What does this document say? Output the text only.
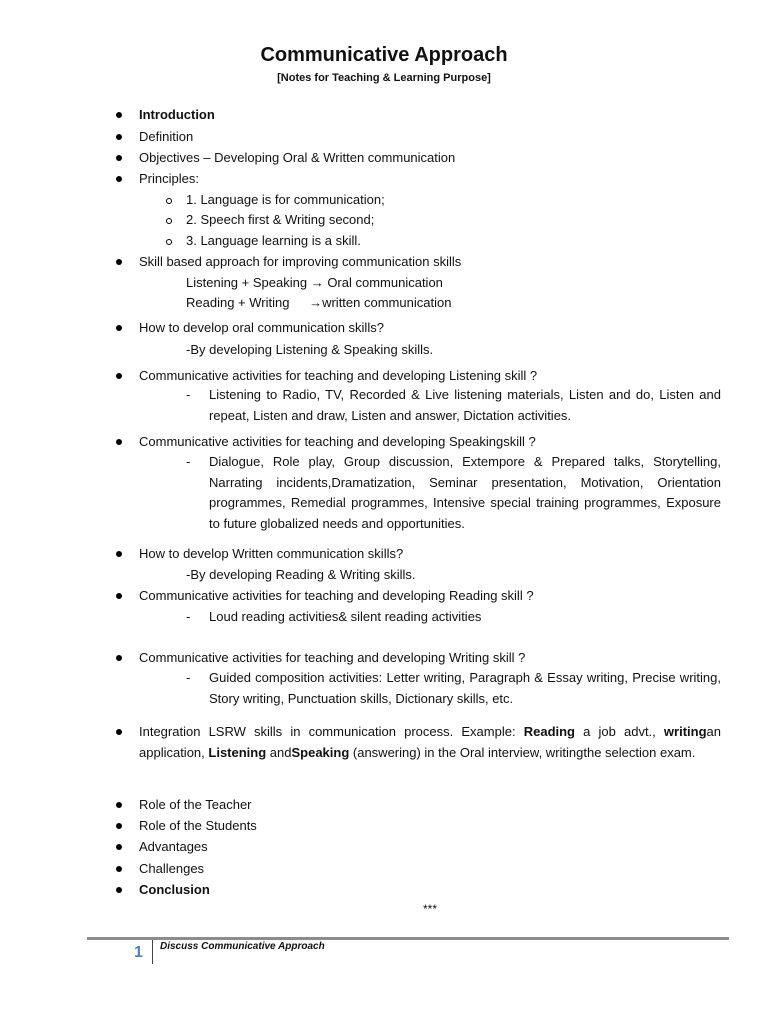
Communicative Approach
[Notes for Teaching & Learning Purpose]
Introduction
Definition
Objectives – Developing Oral & Written communication
Principles:
1. Language is for communication;
2. Speech first & Writing second;
3. Language learning is a skill.
Skill based approach for improving communication skills
Listening + Speaking → Oral communication
Reading + Writing →written communication
How to develop oral communication skills?
-By developing Listening & Speaking skills.
Communicative activities for teaching and developing Listening skill ?
- Listening to Radio, TV, Recorded & Live listening materials, Listen and do, Listen and repeat, Listen and draw, Listen and answer, Dictation activities.
Communicative activities for teaching and developing Speakingskill ?
- Dialogue, Role play, Group discussion, Extempore & Prepared talks, Storytelling, Narrating incidents,Dramatization, Seminar presentation, Motivation, Orientation programmes, Remedial programmes, Intensive special training programmes, Exposure to future globalized needs and opportunities.
How to develop Written communication skills?
-By developing Reading & Writing skills.
Communicative activities for teaching and developing Reading skill ?
- Loud reading activities& silent reading activities
Communicative activities for teaching and developing Writing skill ?
- Guided composition activities: Letter writing, Paragraph & Essay writing, Precise writing, Story writing, Punctuation skills, Dictionary skills, etc.
Integration LSRW skills in communication process. Example: Reading a job advt., writingan application, Listening andSpeaking (answering) in the Oral interview, writingthe selection exam.
Role of the Teacher
Role of the Students
Advantages
Challenges
Conclusion
***
1 Discuss Communicative Approach
